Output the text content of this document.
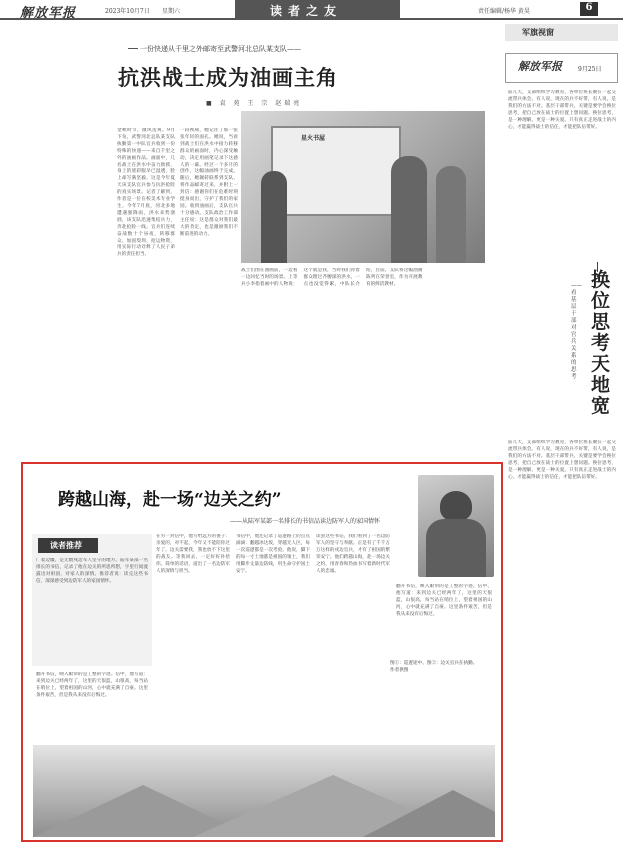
解放军报	2023年10月7日 星期六	读者之友	责任编辑/杨华 黄昊	6
一份快递从千里之外邮寄至武警河北总队某支队——
抗洪战士成为油画主角
■ 袁 苑 王 宗 赵瑞亮
金秋时节，微风送爽。9月下旬，武警河北总队某支队执勤第一中队官兵收到一份特殊的快递——来自千里之外的油画作品。画面中，几名战士在洪水中奋力救援，身上的迷彩服早已湿透，脸上却写满坚毅。这是今年夏天该支队官兵参与抗洪抢险的真实场景。记者了解到，作者是一位在校美术专业学生。今年7月底，河北多地遭遇强降雨，洪水来势汹汹，该支队迅速集结兵力，奔赴抢险一线。官兵们连续奋战数十个昼夜，转移群众、加固堤坝、抢运物资，用实际行动诠释了人民子弟兵的责任担当。
一段视频，她记住了那一张张年轻的面孔。她说，当看到战士们在洪水中接力转移群众的画面时，内心深受触动，决定用画笔记录下这感人的一幕。经过一个多月的创作，这幅油画终于完成。随后，她辗转联系到支队，将作品邮寄过来，并附上一封信：感谢你们在危难时刻挺身而出，守护了我们的家园。收到油画后，支队官兵十分感动。支队政治工作部主任说：这是群众对我们最大的肯定，也是激励我们不断前进的动力。
战士们围在油画前，一边看一边回忆当时的场景。上等兵小李指着画中的人物说：这个就是我，当时我们背着群众蹚过齐腰深的洪水，一点也没觉得累。中队长介绍，目前，支队将这幅油画陈列在荣誉室，作为开展教育的鲜活教材。
星火书屋
军旗视窗
解放军报	9月25日
前几天，支部组织学习教育，各单位班长聚在一起交流带兵体会。有人说，现在的兵不好带，有人说，是我们的方法不对。基层干部带兵，关键是要学会换位思考，把自己放在战士的位置上想问题。换位思考，是一种理解，更是一种关爱。只有真正走进战士的内心，才能赢得战士的信任，才能把队伍带好。
换位思考天地宽
——看基层干部对官兵关系的思考
前几天，支部组织学习教育，各单位班长聚在一起交流带兵体会。有人说，现在的兵不好带，有人说，是我们的方法不对。基层干部带兵，关键是要学会换位思考，把自己放在战士的位置上想问题。换位思考，是一种理解，更是一种关爱。只有真正走进战士的内心，才能赢得战士的信任，才能把队伍带好。
跨越山海，赴一场“边关之约”
——从陆军某部一名排长的书信品读边防军人的家国情怀
读者推荐
广袤边疆，是无数戍边军人坚守的地方。陆军某部一名排长的书信，记录了他在边关的所思所想，字里行间流露出对祖国、对家人的深情。推荐者说：读完这些书信，深深感受到边防军人的家国情怀。
翻开书信，映入眼帘的是工整的字迹。信中，他写道：来到边关已经两年了，这里的天很蓝，山很高，每当站在哨位上，望着祖国的山河，心中就充满了自豪。这里条件艰苦，但是我从来没有后悔过。
在另一封信中，他写给远方的妻子：亲爱的，对不起，今年又不能陪你过年了。边关需要我，我也放不下这里的战友。等我回去，一定好好补偿你。简单的话语，道出了一名边防军人的深情与担当。
书信中，他还记录了巡逻路上的点点滴滴：翻越冰达坂，穿越无人区，每一次巡逻都是一次考验。他说，脚下的每一寸土地都是祖国的领土，我们用脚步丈量边防线，用生命守护国土安宁。
读罢这些书信，我们看到了一名边防军人的坚守与奉献。正是有了千千万万这样的戍边官兵，才有了祖国的繁荣安宁。他们跨越山海，赴一场边关之约，用青春和热血书写着新时代军人的忠诚。
翻开书信，映入眼帘的是工整的字迹。信中，他写道：来到边关已经两年了，这里的天很蓝，山很高，每当站在哨位上，望着祖国的山河，心中就充满了自豪。这里条件艰苦，但是我从来没有后悔过。
图①：巡逻途中。图②：边关官兵在执勤。
作者供图
